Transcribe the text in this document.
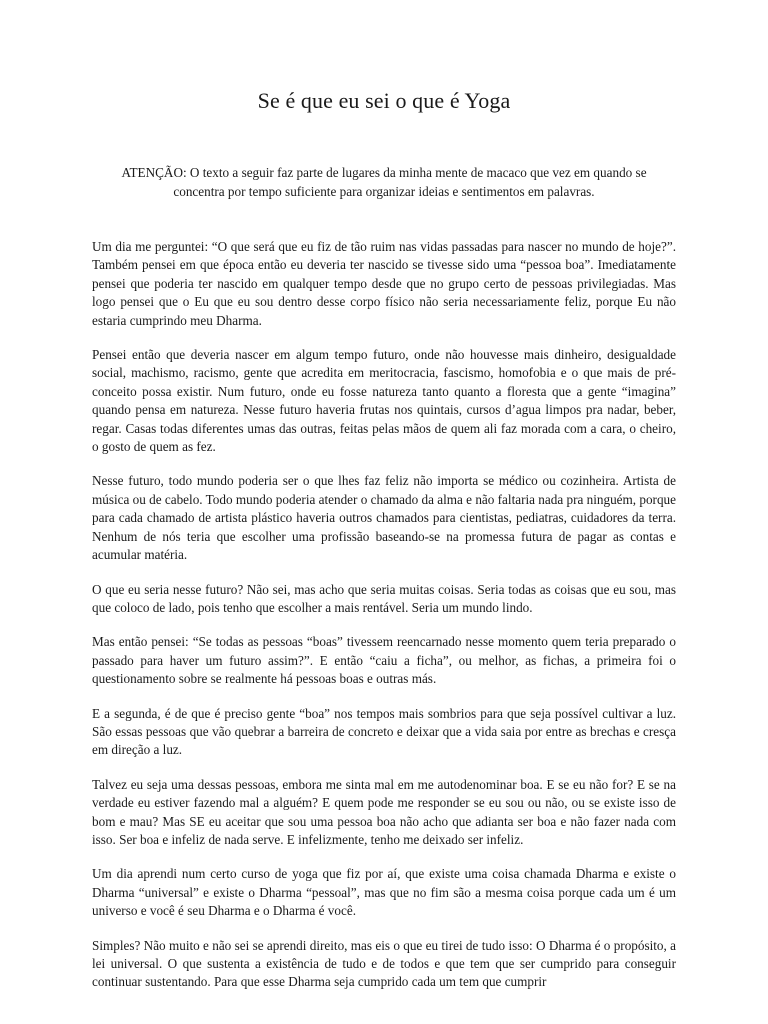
Se é que eu sei o que é Yoga

ATENÇÃO: O texto a seguir faz parte de lugares da minha mente de macaco que vez em quando se concentra por tempo suficiente para organizar ideias e sentimentos em palavras.

Um dia me perguntei: “O que será que eu fiz de tão ruim nas vidas passadas para nascer no mundo de hoje?”. Também pensei em que época então eu deveria ter nascido se tivesse sido uma “pessoa boa”. Imediatamente pensei que poderia ter nascido em qualquer tempo desde que no grupo certo de pessoas privilegiadas. Mas logo pensei que o Eu que eu sou dentro desse corpo físico não seria necessariamente feliz, porque Eu não estaria cumprindo meu Dharma.

Pensei então que deveria nascer em algum tempo futuro, onde não houvesse mais dinheiro, desigualdade social, machismo, racismo, gente que acredita em meritocracia, fascismo, homofobia e o que mais de pré-conceito possa existir. Num futuro, onde eu fosse natureza tanto quanto a floresta que a gente “imagina” quando pensa em natureza. Nesse futuro haveria frutas nos quintais, cursos d’agua limpos pra nadar, beber, regar. Casas todas diferentes umas das outras, feitas pelas mãos de quem ali faz morada com a cara, o cheiro, o gosto de quem as fez.

Nesse futuro, todo mundo poderia ser o que lhes faz feliz não importa se médico ou cozinheira. Artista de música ou de cabelo. Todo mundo poderia atender o chamado da alma e não faltaria nada pra ninguém, porque para cada chamado de artista plástico haveria outros chamados para cientistas, pediatras, cuidadores da terra. Nenhum de nós teria que escolher uma profissão baseando-se na promessa futura de pagar as contas e acumular matéria.

O que eu seria nesse futuro? Não sei, mas acho que seria muitas coisas. Seria todas as coisas que eu sou, mas que coloco de lado, pois tenho que escolher a mais rentável. Seria um mundo lindo.

Mas então pensei: “Se todas as pessoas “boas” tivessem reencarnado nesse momento quem teria preparado o passado para haver um futuro assim?”. E então “caiu a ficha”, ou melhor, as fichas, a primeira foi o questionamento sobre se realmente há pessoas boas e outras más.

E a segunda, é de que é preciso gente “boa” nos tempos mais sombrios para que seja possível cultivar a luz. São essas pessoas que vão quebrar a barreira de concreto e deixar que a vida saia por entre as brechas e cresça em direção a luz.

Talvez eu seja uma dessas pessoas, embora me sinta mal em me autodenominar boa. E se eu não for? E se na verdade eu estiver fazendo mal a alguém? E quem pode me responder se eu sou ou não, ou se existe isso de bom e mau? Mas SE eu aceitar que sou uma pessoa boa não acho que adianta ser boa e não fazer nada com isso. Ser boa e infeliz de nada serve. E infelizmente, tenho me deixado ser infeliz.

Um dia aprendi num certo curso de yoga que fiz por aí, que existe uma coisa chamada Dharma e existe o Dharma “universal” e existe o Dharma “pessoal”, mas que no fim são a mesma coisa porque cada um é um universo e você é seu Dharma e o Dharma é você.

Simples? Não muito e não sei se aprendi direito, mas eis o que eu tirei de tudo isso: O Dharma é o propósito, a lei universal. O que sustenta a existência de tudo e de todos e que tem que ser cumprido para conseguir continuar sustentando. Para que esse Dharma seja cumprido cada um tem que cumprir
